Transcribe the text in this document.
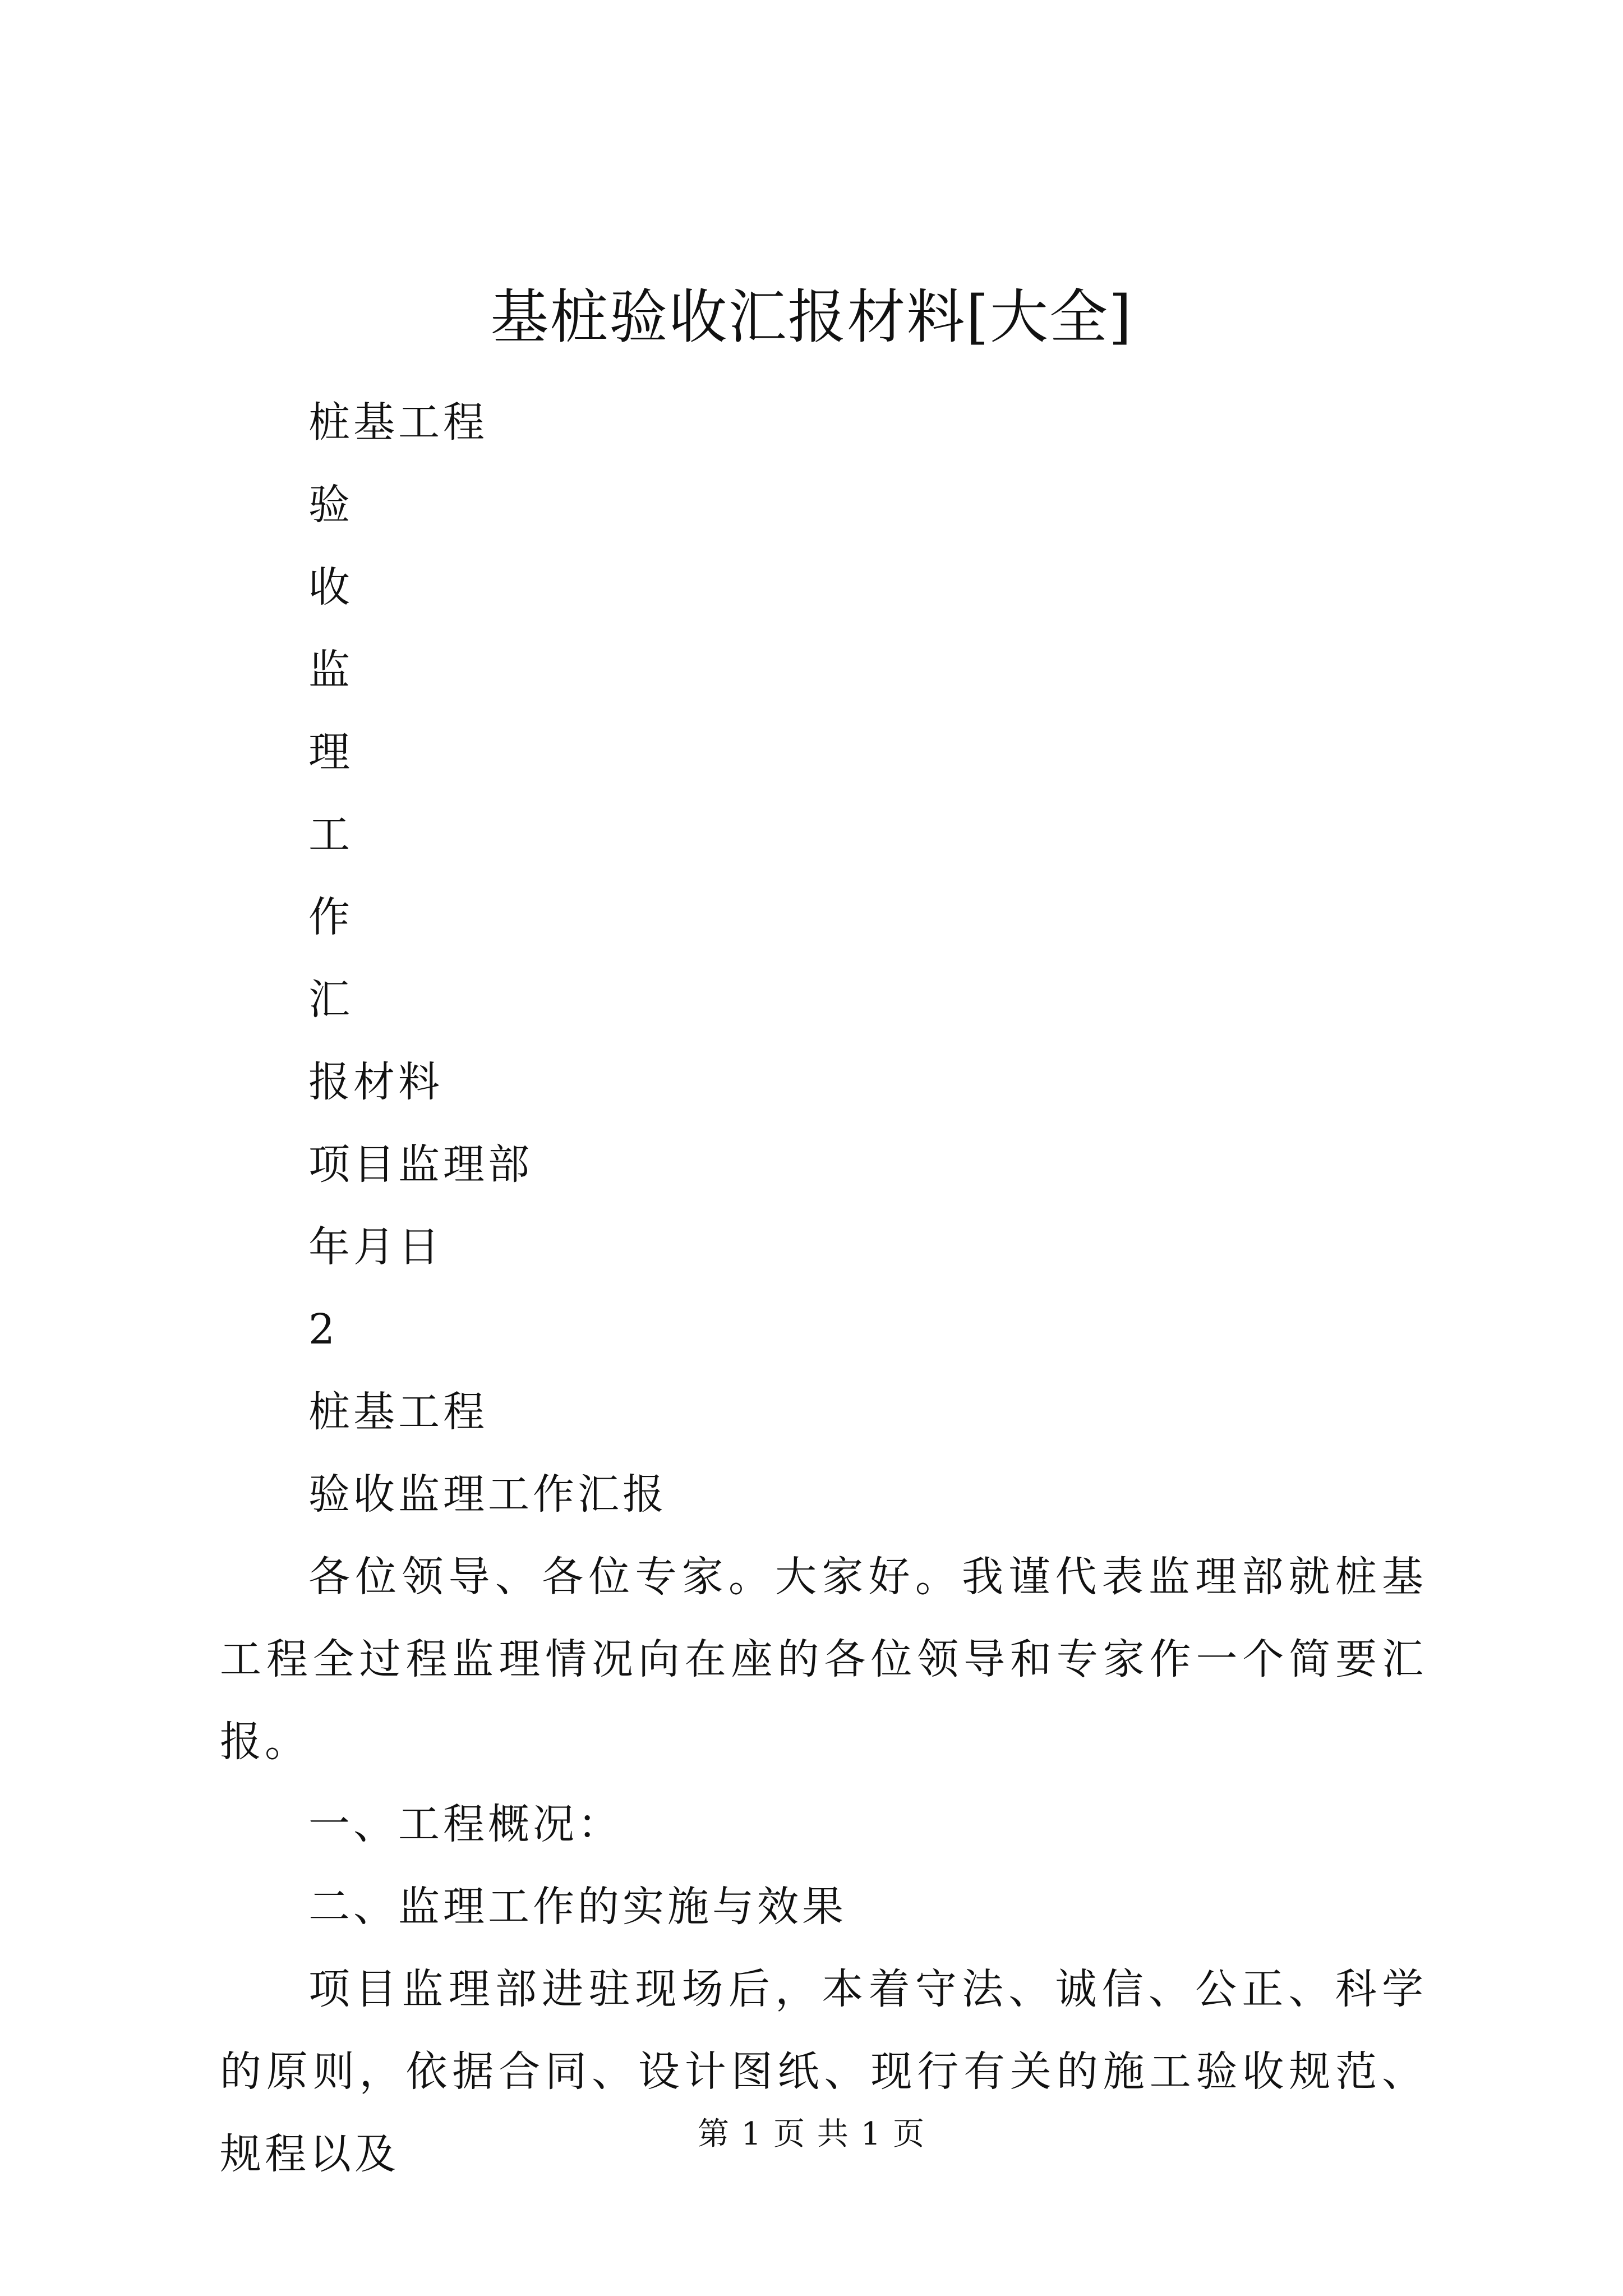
基桩验收汇报材料[大全]
桩基工程
验
收
监
理
工
作
汇
报材料
项目监理部
年月日
2
桩基工程
验收监理工作汇报

各位领导、各位专家。大家好。我谨代表监理部就桩基工程全过程监理情况向在座的各位领导和专家作一个简要汇报。

一、工程概况：

二、监理工作的实施与效果

项目监理部进驻现场后，本着守法、诚信、公正、科学的原则，依据合同、设计图纸、现行有关的施工验收规范、规程以及	第 1 页 共 1 页
